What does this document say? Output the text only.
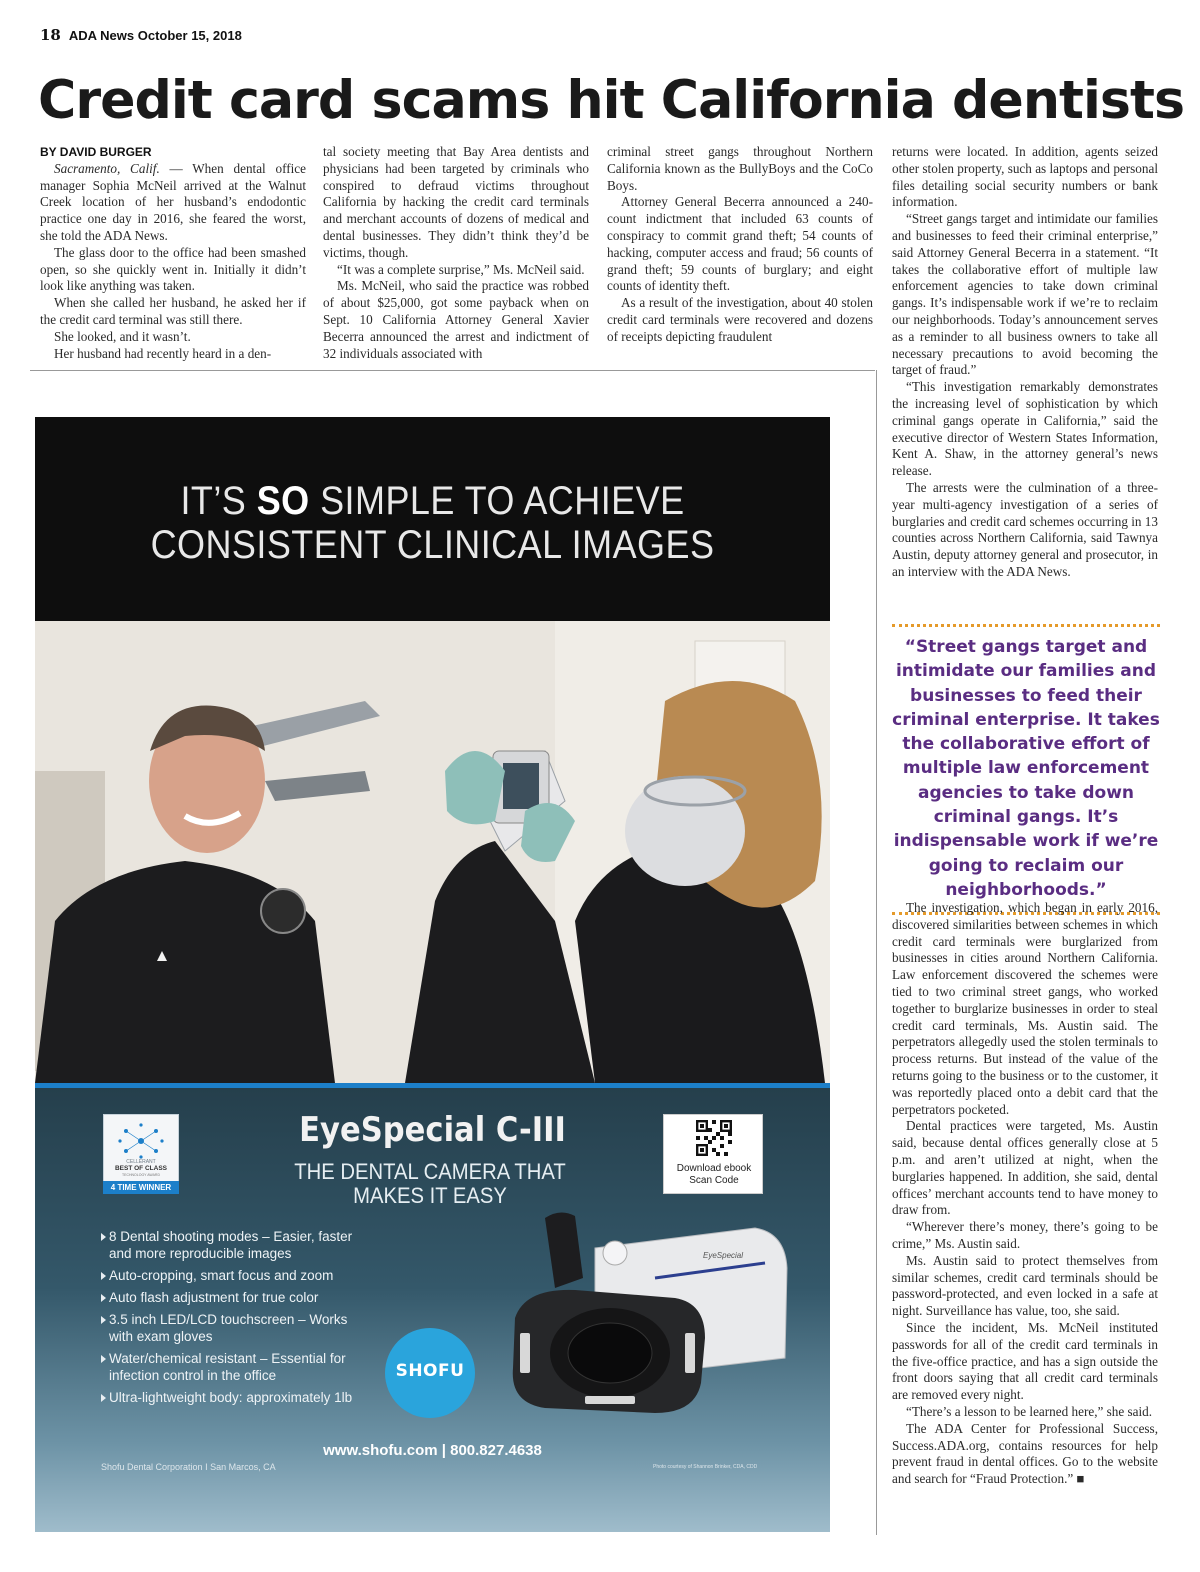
18 ADA News October 15, 2018
Credit card scams hit California dentists

BY DAVID BURGER

Sacramento, Calif. — When dental office manager Sophia McNeil arrived at the Walnut Creek location of her husband’s endodontic practice one day in 2016, she feared the worst, she told the ADA News.

The glass door to the office had been smashed open, so she quickly went in. Initially it didn’t look like anything was taken.

When she called her husband, he asked her if the credit card terminal was still there.

She looked, and it wasn’t.

Her husband had recently heard in a den-

tal society meeting that Bay Area dentists and physicians had been targeted by criminals who conspired to defraud victims throughout California by hacking the credit card terminals and merchant accounts of dozens of medical and dental businesses. They didn’t think they’d be victims, though.

“It was a complete surprise,” Ms. McNeil said.

Ms. McNeil, who said the practice was robbed of about $25,000, got some payback when on Sept. 10 California Attorney General Xavier Becerra announced the arrest and indictment of 32 individuals associated with

criminal street gangs throughout Northern California known as the BullyBoys and the CoCo Boys.

Attorney General Becerra announced a 240-count indictment that included 63 counts of conspiracy to commit grand theft; 54 counts of hacking, computer access and fraud; 56 counts of grand theft; 59 counts of burglary; and eight counts of identity theft.

As a result of the investigation, about 40 stolen credit card terminals were recovered and dozens of receipts depicting fraudulent

returns were located. In addition, agents seized other stolen property, such as laptops and personal files detailing social security numbers or bank information.

“Street gangs target and intimidate our families and businesses to feed their criminal enterprise,” said Attorney General Becerra in a statement. “It takes the collaborative effort of multiple law enforcement agencies to take down criminal gangs. It’s indispensable work if we’re to reclaim our neighborhoods. Today’s announcement serves as a reminder to all business owners to take all necessary precautions to avoid becoming the target of fraud.”

“This investigation remarkably demonstrates the increasing level of sophistication by which criminal gangs operate in California,” said the executive director of Western States Information, Kent A. Shaw, in the attorney general’s news release.

The arrests were the culmination of a three-year multi-agency investigation of a series of burglaries and credit card schemes occurring in 13 counties across Northern California, said Tawnya Austin, deputy attorney general and prosecutor, in an interview with the ADA News.

“Street gangs target and intimidate our families and businesses to feed their criminal enterprise. It takes the collaborative effort of multiple law enforcement agencies to take down criminal gangs. It’s indispensable work if we’re going to reclaim our neighborhoods.”

The investigation, which began in early 2016, discovered similarities between schemes in which credit card terminals were burglarized from businesses in cities around Northern California. Law enforcement discovered the schemes were tied to two criminal street gangs, who worked together to burglarize businesses in order to steal credit card terminals, Ms. Austin said. The perpetrators allegedly used the stolen terminals to process returns. But instead of the value of the returns going to the business or to the customer, it was reportedly placed onto a debit card that the perpetrators pocketed.

Dental practices were targeted, Ms. Austin said, because dental offices generally close at 5 p.m. and aren’t utilized at night, when the burglaries happened. In addition, she said, dental offices’ merchant accounts tend to have money to draw from.

“Wherever there’s money, there’s going to be crime,” Ms. Austin said.

Ms. Austin said to protect themselves from similar schemes, credit card terminals should be password-protected, and even locked in a safe at night. Surveillance has value, too, she said.

Since the incident, Ms. McNeil instituted passwords for all of the credit card terminals in the five-office practice, and has a sign outside the front doors saying that all credit card terminals are removed every night.

“There’s a lesson to be learned here,” she said.

The ADA Center for Professional Success, Success.ADA.org, contains resources for help prevent fraud in dental offices. Go to the website and search for “Fraud Protection.” ■

IT’S SO SIMPLE TO ACHIEVE
CONSISTENT CLINICAL IMAGES
CELLERANT
BEST OF CLASS
TECHNOLOGY AWARD
4 TIME WINNER
EyeSpecial C-III
THE DENTAL CAMERA THAT MAKES IT EASY
Download ebook Scan Code
8 Dental shooting modes – Easier, faster and more reproducible images
Auto-cropping, smart focus and zoom
Auto flash adjustment for true color
3.5 inch LED/LCD touchscreen – Works with exam gloves
Water/chemical resistant – Essential for infection control in the office
Ultra-lightweight body: approximately 1lb
SHOFU
EyeSpecial
www.shofu.com | 800.827.4638
Shofu Dental Corporation I San Marcos, CA	Photo courtesy of Shannon Brinker, CDA, CDD
